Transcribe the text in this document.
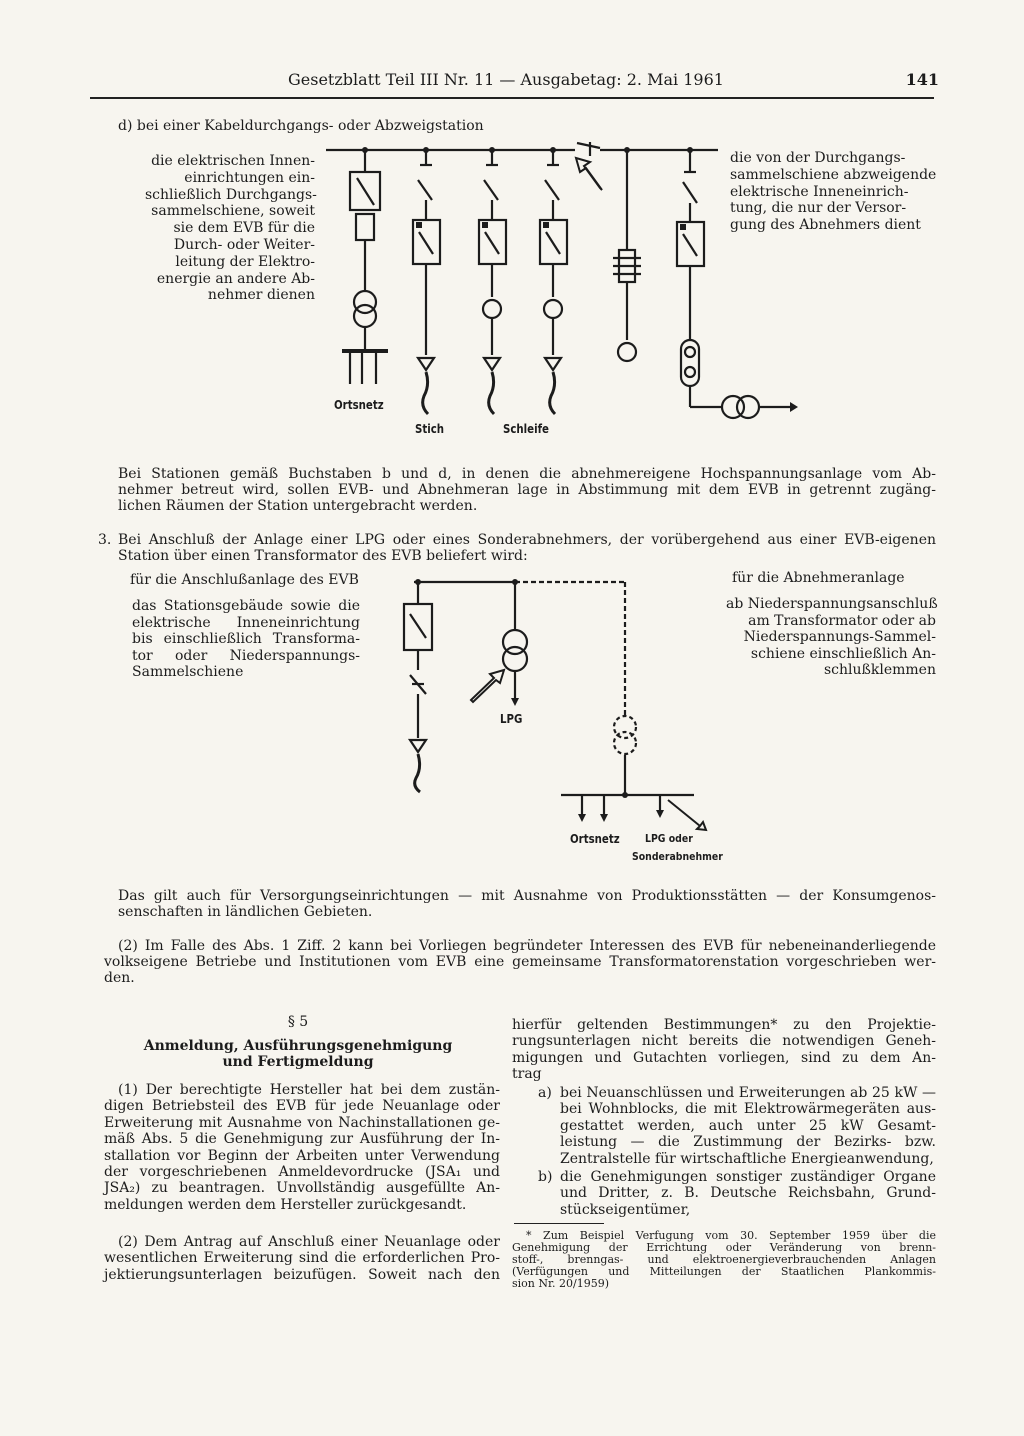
Gesetzblatt Teil III Nr. 11 — Ausgabetag: 2. Mai 1961	141
d) bei einer Kabeldurchgangs- oder Abzweigstation
die elektrischen Innen-
einrichtungen ein-
schließlich Durchgangs-
sammelschiene, soweit
sie dem EVB für die
Durch- oder Weiter-
leitung der Elektro-
energie an andere Ab-
nehmer dienen
die von der Durchgangs-
sammelschiene abzweigende
elektrische Inneneinrich-
tung, die nur der Versor-
gung des Abnehmers dient
Ortsnetz
Stich	Schleife
Bei Stationen gemäß Buchstaben b und d, in denen die abnehmereigene Hochspannungsanlage vom Ab-
nehmer betreut wird, sollen EVB- und Abnehmeran lage in Abstimmung mit dem EVB in getrennt zugäng-
lichen Räumen der Station untergebracht werden.
3. Bei Anschluß der Anlage einer LPG oder eines Sonderabnehmers, der vorübergehend aus einer EVB-eigenen
Station über einen Transformator des EVB beliefert wird:
für die Anschlußanlage des EVB
das Stationsgebäude sowie die
elektrische Inneneinrichtung
bis einschließlich Transforma-
tor oder Niederspannungs-
Sammelschiene
für die Abnehmeranlage
ab Niederspannungsanschluß
am Transformator oder ab
Niederspannungs-Sammel-
schiene einschließlich An-
schlußklemmen
LPG
Ortsnetz LPG oder
Sonderabnehmer
Das gilt auch für Versorgungseinrichtungen — mit Ausnahme von Produktionsstätten — der Konsumgenos-
senschaften in ländlichen Gebieten.
(2) Im Falle des Abs. 1 Ziff. 2 kann bei Vorliegen begründeter Interessen des EVB für nebeneinanderliegende
volkseigene Betriebe und Institutionen vom EVB eine gemeinsame Transformatorenstation vorgeschrieben wer-
den.
§ 5
Anmeldung, Ausführungsgenehmigung
und Fertigmeldung
(1) Der berechtigte Hersteller hat bei dem zustän-
digen Betriebsteil des EVB für jede Neuanlage oder
Erweiterung mit Ausnahme von Nachinstallationen ge-
mäß Abs. 5 die Genehmigung zur Ausführung der In-
stallation vor Beginn der Arbeiten unter Verwendung
der vorgeschriebenen Anmeldevordrucke (JSA₁ und
JSA₂) zu beantragen. Unvollständig ausgefüllte An-
meldungen werden dem Hersteller zurückgesandt.
(2) Dem Antrag auf Anschluß einer Neuanlage oder
wesentlichen Erweiterung sind die erforderlichen Pro-
jektierungsunterlagen beizufügen. Soweit nach den
hierfür geltenden Bestimmungen* zu den Projektie-
rungsunterlagen nicht bereits die notwendigen Geneh-
migungen und Gutachten vorliegen, sind zu dem An-
trag
a) bei Neuanschlüssen und Erweiterungen ab 25 kW —
bei Wohnblocks, die mit Elektrowärmegeräten aus-
gestattet werden, auch unter 25 kW Gesamt-
leistung — die Zustimmung der Bezirks- bzw.
Zentralstelle für wirtschaftliche Energieanwendung,
b) die Genehmigungen sonstiger zuständiger Organe
und Dritter, z. B. Deutsche Reichsbahn, Grund-
stückseigentümer,
* Zum Beispiel Verfugung vom 30. September 1959 über die
Genehmigung der Errichtung oder Veränderung von brenn-
stoff-, brenngas- und elektroenergieverbrauchenden Anlagen
(Verfügungen und Mitteilungen der Staatlichen Plankommis-
sion Nr. 20/1959)
